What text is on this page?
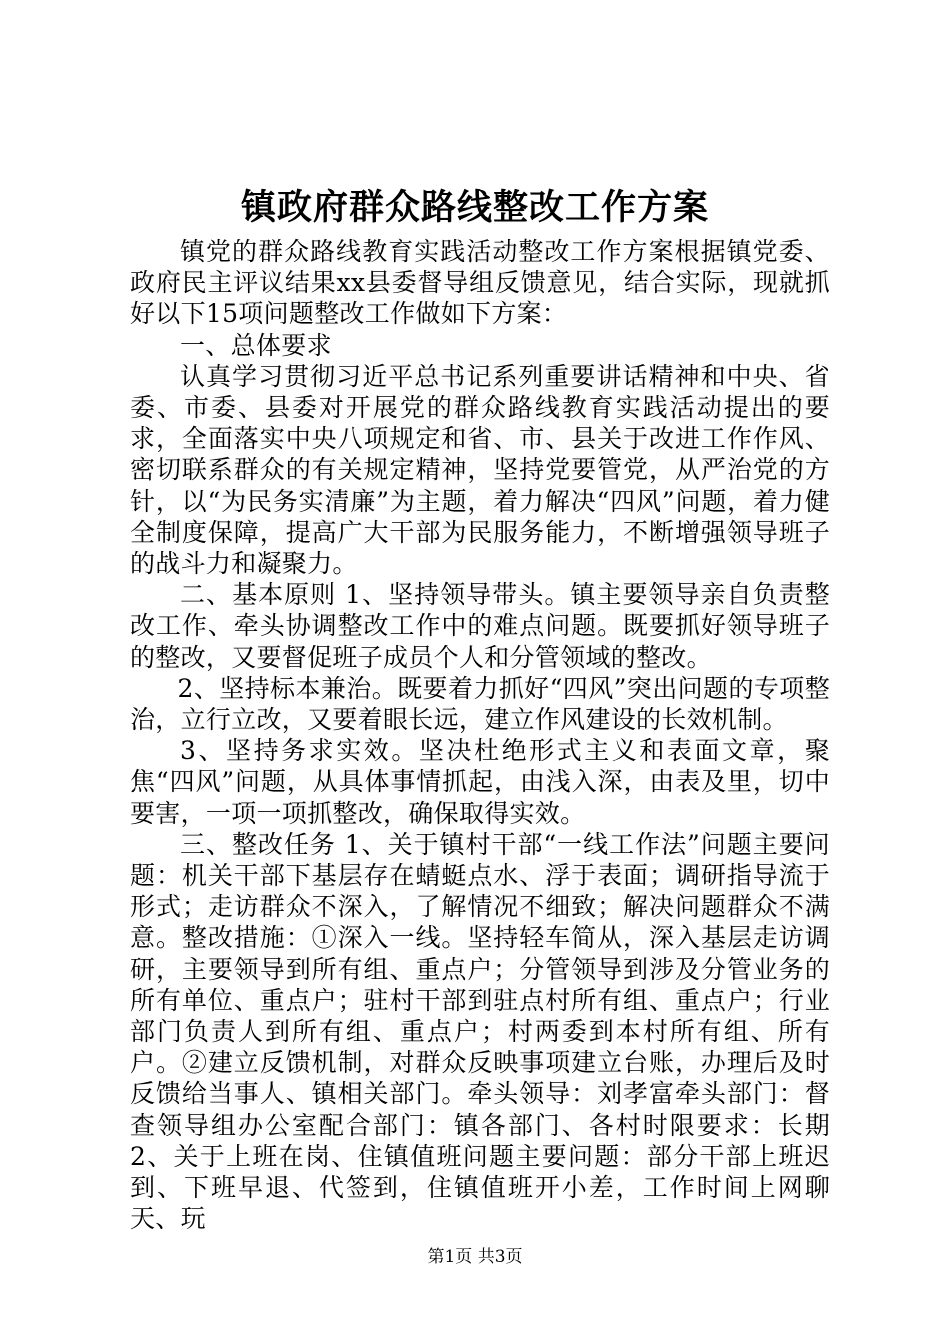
镇政府群众路线整改工作方案

镇党的群众路线教育实践活动整改工作方案根据镇党委、政府民主评议结果xx县委督导组反馈意见，结合实际，现就抓好以下15项问题整改工作做如下方案：

一、总体要求

认真学习贯彻习近平总书记系列重要讲话精神和中央、省委、市委、县委对开展党的群众路线教育实践活动提出的要求，全面落实中央八项规定和省、市、县关于改进工作作风、密切联系群众的有关规定精神，坚持党要管党，从严治党的方针，以“为民务实清廉”为主题，着力解决“四风”问题，着力健全制度保障，提高广大干部为民服务能力，不断增强领导班子的战斗力和凝聚力。

二、基本原则 1、坚持领导带头。镇主要领导亲自负责整改工作、牵头协调整改工作中的难点问题。既要抓好领导班子的整改，又要督促班子成员个人和分管领域的整改。

2、坚持标本兼治。既要着力抓好“四风”突出问题的专项整治，立行立改，又要着眼长远，建立作风建设的长效机制。

3、坚持务求实效。坚决杜绝形式主义和表面文章，聚焦“四风”问题，从具体事情抓起，由浅入深，由表及里，切中要害，一项一项抓整改，确保取得实效。

三、整改任务 1、关于镇村干部“一线工作法”问题主要问题：机关干部下基层存在蜻蜓点水、浮于表面；调研指导流于形式；走访群众不深入，了解情况不细致；解决问题群众不满意。整改措施：①深入一线。坚持轻车简从，深入基层走访调研，主要领导到所有组、重点户；分管领导到涉及分管业务的所有单位、重点户；驻村干部到驻点村所有组、重点户；行业部门负责人到所有组、重点户；村两委到本村所有组、所有户。②建立反馈机制，对群众反映事项建立台账，办理后及时反馈给当事人、镇相关部门。牵头领导：刘孝富牵头部门：督查领导组办公室配合部门：镇各部门、各村时限要求：长期 2、关于上班在岗、住镇值班问题主要问题：部分干部上班迟到、下班早退、代签到，住镇值班开小差，工作时间上网聊天、玩

第1页 共3页
